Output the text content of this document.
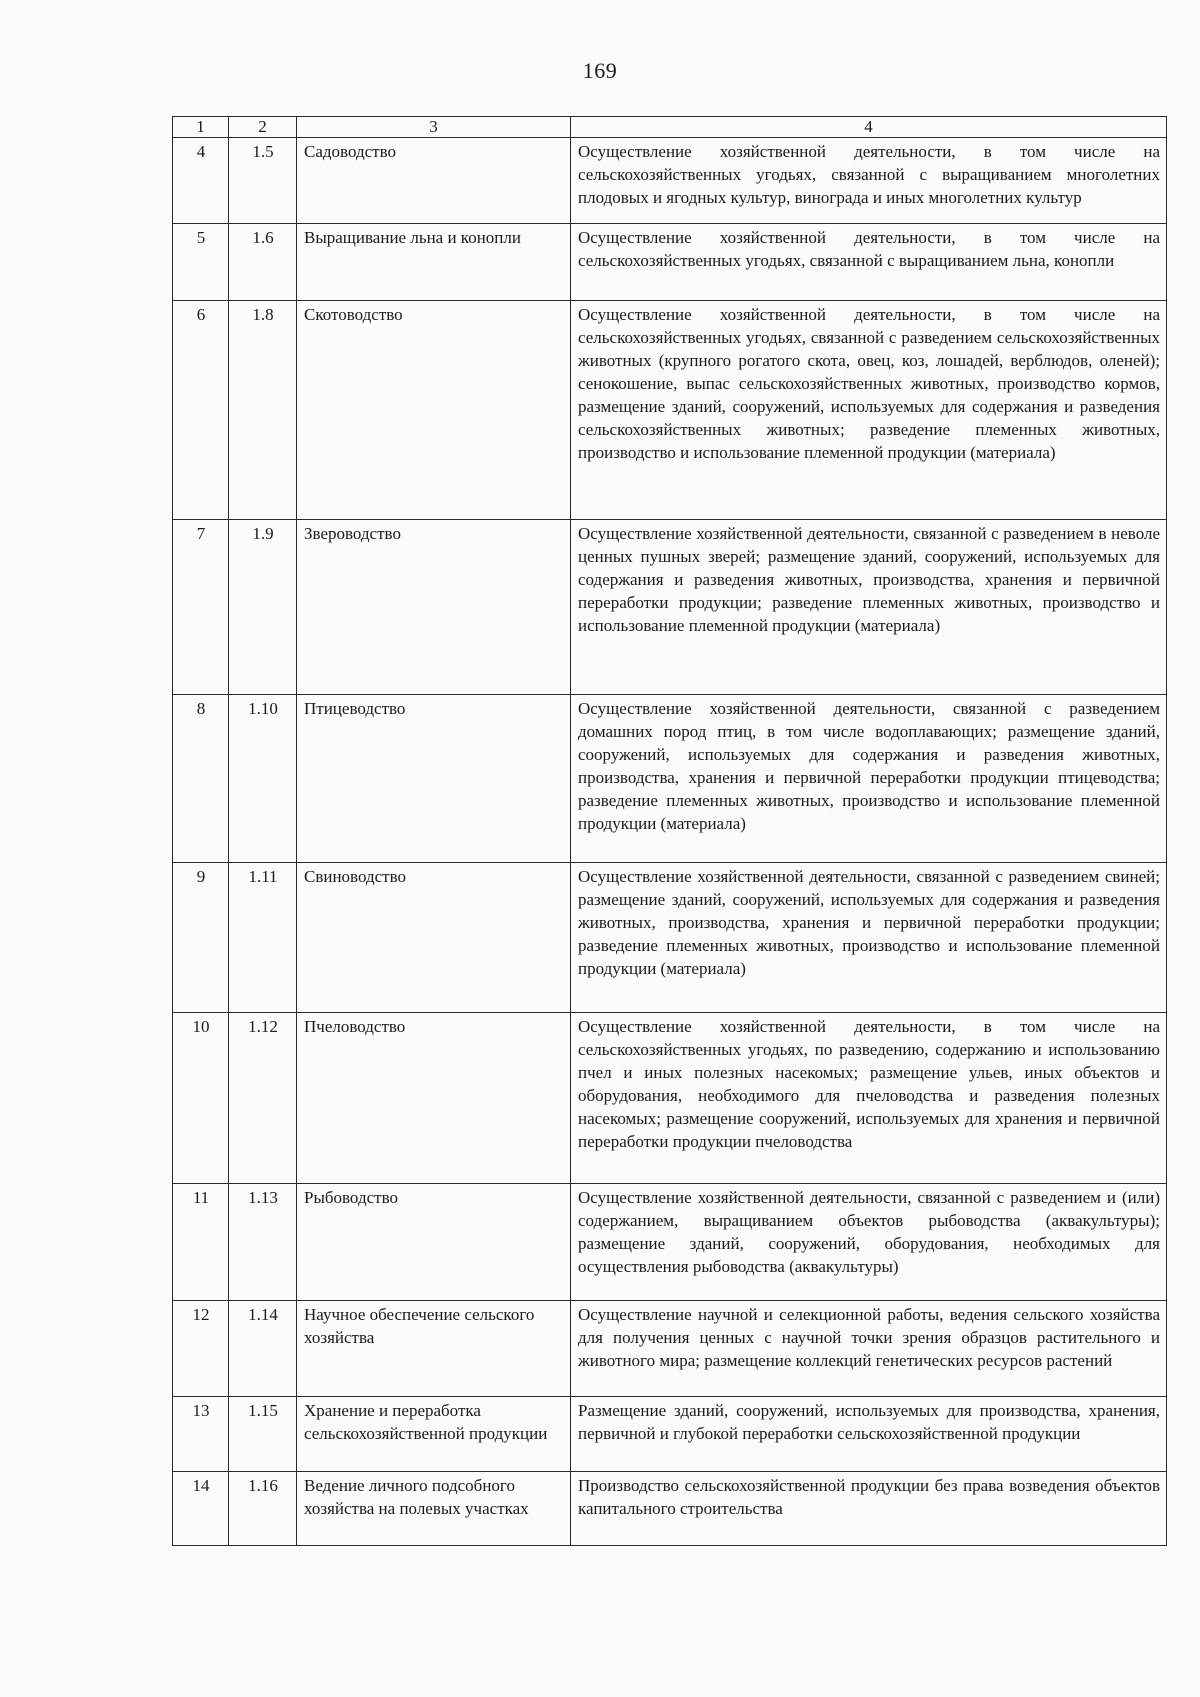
169
1	2	3	4
4	1.5	Садоводство	Осуществление хозяйственной деятельности, в том числе на сельскохозяйственных угодьях, связанной с выращиванием многолетних плодовых и ягодных культур, винограда и иных многолетних культур
5	1.6	Выращивание льна и конопли	Осуществление хозяйственной деятельности, в том числе на сельскохозяйственных угодьях, связанной с выращиванием льна, конопли
6	1.8	Скотоводство	Осуществление хозяйственной деятельности, в том числе на сельскохозяйственных угодьях, связанной с разведением сельскохозяйственных животных (крупного рогатого скота, овец, коз, лошадей, верблюдов, оленей); сенокошение, выпас сельскохозяйственных животных, производство кормов, размещение зданий, сооружений, используемых для содержания и разведения сельскохозяйственных животных; разведение племенных животных, производство и использование племенной продукции (материала)
7	1.9	Звероводство	Осуществление хозяйственной деятельности, связанной с разведением в неволе ценных пушных зверей; размещение зданий, сооружений, используемых для содержания и разведения животных, производства, хранения и первичной переработки продукции; разведение племенных животных, производство и использование племенной продукции (материала)
8	1.10	Птицеводство	Осуществление хозяйственной деятельности, связанной с разведением домашних пород птиц, в том числе водоплавающих; размещение зданий, сооружений, используемых для содержания и разведения животных, производства, хранения и первичной переработки продукции птицеводства; разведение племенных животных, производство и использование племенной продукции (материала)
9	1.11	Свиноводство	Осуществление хозяйственной деятельности, связанной с разведением свиней; размещение зданий, сооружений, используемых для содержания и разведения животных, производства, хранения и первичной переработки продукции; разведение племенных животных, производство и использование племенной продукции (материала)
10	1.12	Пчеловодство	Осуществление хозяйственной деятельности, в том числе на сельскохозяйственных угодьях, по разведению, содержанию и использованию пчел и иных полезных насекомых; размещение ульев, иных объектов и оборудования, необходимого для пчеловодства и разведения полезных насекомых; размещение сооружений, используемых для хранения и первичной переработки продукции пчеловодства
11	1.13	Рыбоводство	Осуществление хозяйственной деятельности, связанной с разведением и (или) содержанием, выращиванием объектов рыбоводства (аквакультуры); размещение зданий, сооружений, оборудования, необходимых для осуществления рыбоводства (аквакультуры)
12	1.14	Научное обеспечение сельского хозяйства	Осуществление научной и селекционной работы, ведения сельского хозяйства для получения ценных с научной точки зрения образцов растительного и животного мира; размещение коллекций генетических ресурсов растений
13	1.15	Хранение и переработка сельскохозяйственной продукции	Размещение зданий, сооружений, используемых для производства, хранения, первичной и глубокой переработки сельскохозяйственной продукции
14	1.16	Ведение личного подсобного хозяйства на полевых участках	Производство сельскохозяйственной продукции без права возведения объектов капитального строительства
